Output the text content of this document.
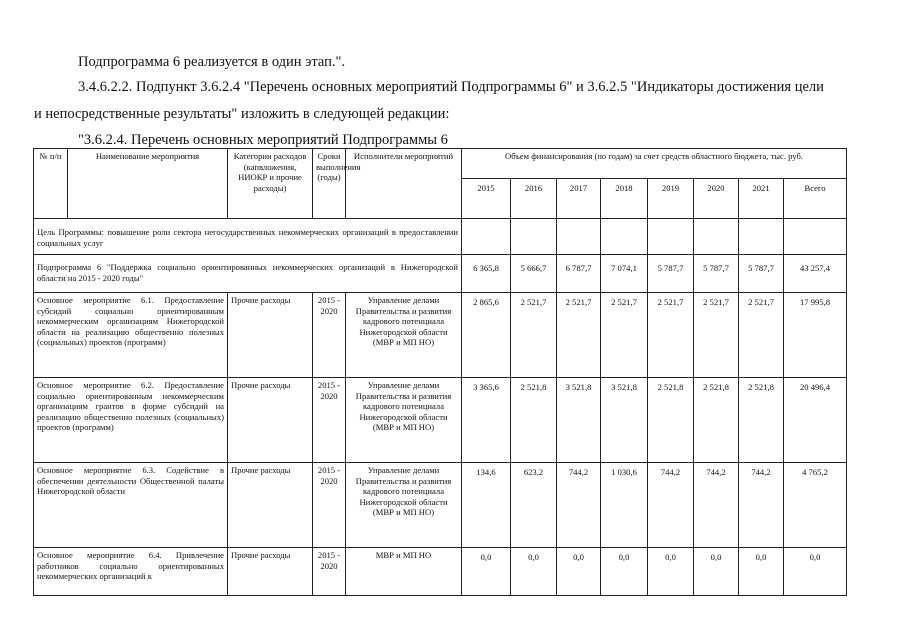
Подпрограмма 6 реализуется в один этап.".
3.4.6.2.2. Подпункт 3.6.2.4 "Перечень основных мероприятий Подпрограммы 6" и 3.6.2.5 "Индикаторы достижения цели
и непосредственные результаты" изложить в следующей редакции:
"3.6.2.4. Перечень основных мероприятий Подпрограммы 6
№ п/п	Наименование мероприятия	Категории расходов (капвложения, НИОКР и прочие расходы)	Сроки выполнения (годы)	Исполнители мероприятий	Объем финансирования (по годам) за счет средств областного бюджета, тыс. руб.							
					2015	2016	2017	2018	2019	2020	2021	Всего
Цель Программы: повышение роли сектора негосударственных некоммерческих организаций в предоставлении социальных услуг												
Подпрограмма 6 "Поддержка социально ориентированных некоммерческих организаций в Нижегородской области на 2015 - 2020 годы"					6 365,8	5 666,7	6 787,7	7 074,1	5 787,7	5 787,7	5 787,7	43 257,4
Основное мероприятие 6.1. Предоставление субсидий социально ориентированным некоммерческим организациям Нижегородской области на реализацию общественно полезных (социальных) проектов (программ)		Прочие расходы	2015 - 2020	Управление делами Правительства и развития кадрового потенциала Нижегородской области (МВР и МП НО)	2 865,6	2 521,7	2 521,7	2 521,7	2 521,7	2 521,7	2 521,7	17 995,8
Основное мероприятие 6.2. Предоставление социально ориентированным некоммерческим организациям грантов в форме субсидий на реализацию общественно полезных (социальных) проектов (программ)		Прочие расходы	2015 - 2020	Управление делами Правительства и развития кадрового потенциала Нижегородской области (МВР и МП НО)	3 365,6	2 521,8	3 521,8	3 521,8	2 521,8	2 521,8	2 521,8	20 496,4
Основное мероприятие 6.3. Содействие в обеспечении деятельности Общественной палаты Нижегородской области		Прочие расходы	2015 - 2020	Управление делами Правительства и развития кадрового потенциала Нижегородской области (МВР и МП НО)	134,6	623,2	744,2	1 030,6	744,2	744,2	744,2	4 765,2
Основное мероприятие 6.4. Привлечение работников социально ориентированных некоммерческих организаций к		Прочие расходы	2015 - 2020	МВР и МП НО	0,0	0,0	0,0	0,0	0,0	0,0	0,0	0,0
